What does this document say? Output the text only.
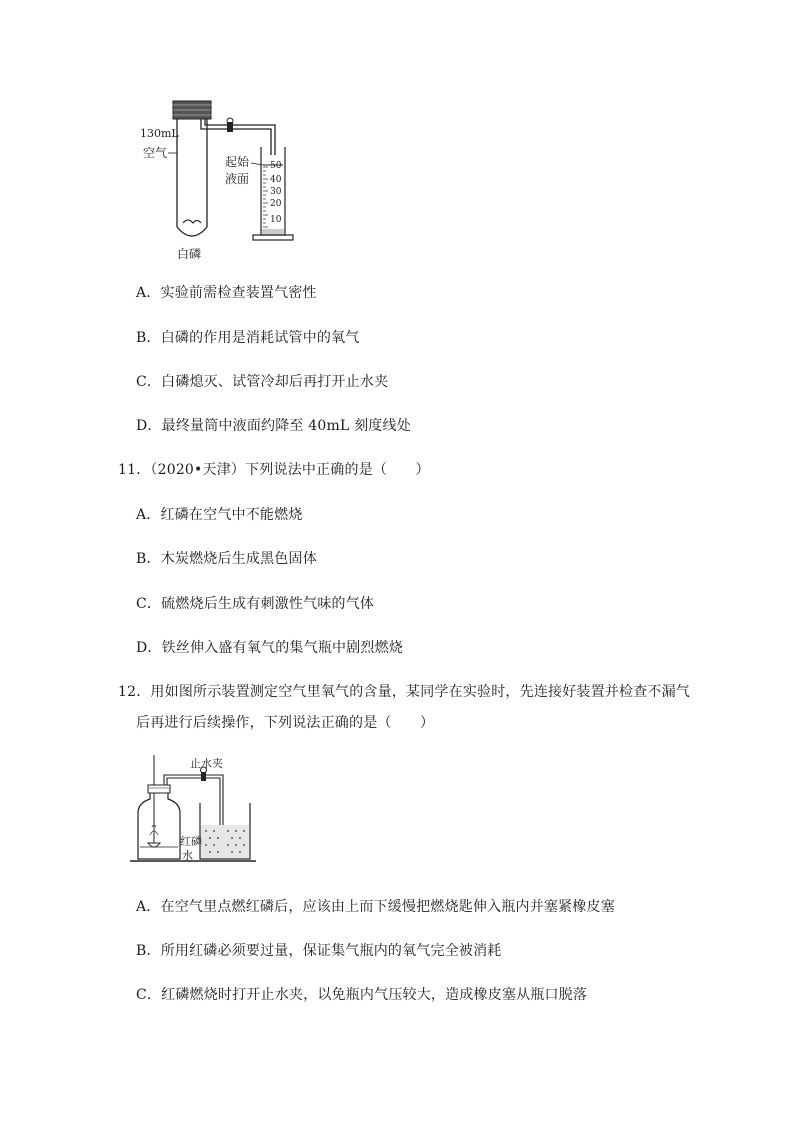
50
40
30
20
10
130mL
空气
起始
液面
白磷
A．实验前需检查装置气密性
B．白磷的作用是消耗试管中的氧气
C．白磷熄灭、试管冷却后再打开止水夹
D．最终量筒中液面约降至 40mL 刻度线处
11．（2020•天津）下列说法中正确的是（　　）
A．红磷在空气中不能燃烧
B．木炭燃烧后生成黑色固体
C．硫燃烧后生成有刺激性气味的气体
D．铁丝伸入盛有氧气的集气瓶中剧烈燃烧
12．用如图所示装置测定空气里氧气的含量，某同学在实验时，先连接好装置并检查不漏气
后再进行后续操作，下列说法正确的是（　　）
止水夹
红磷
水
A．在空气里点燃红磷后，应该由上而下缓慢把燃烧匙伸入瓶内并塞紧橡皮塞
B．所用红磷必须要过量，保证集气瓶内的氧气完全被消耗
C．红磷燃烧时打开止水夹，以免瓶内气压较大，造成橡皮塞从瓶口脱落
